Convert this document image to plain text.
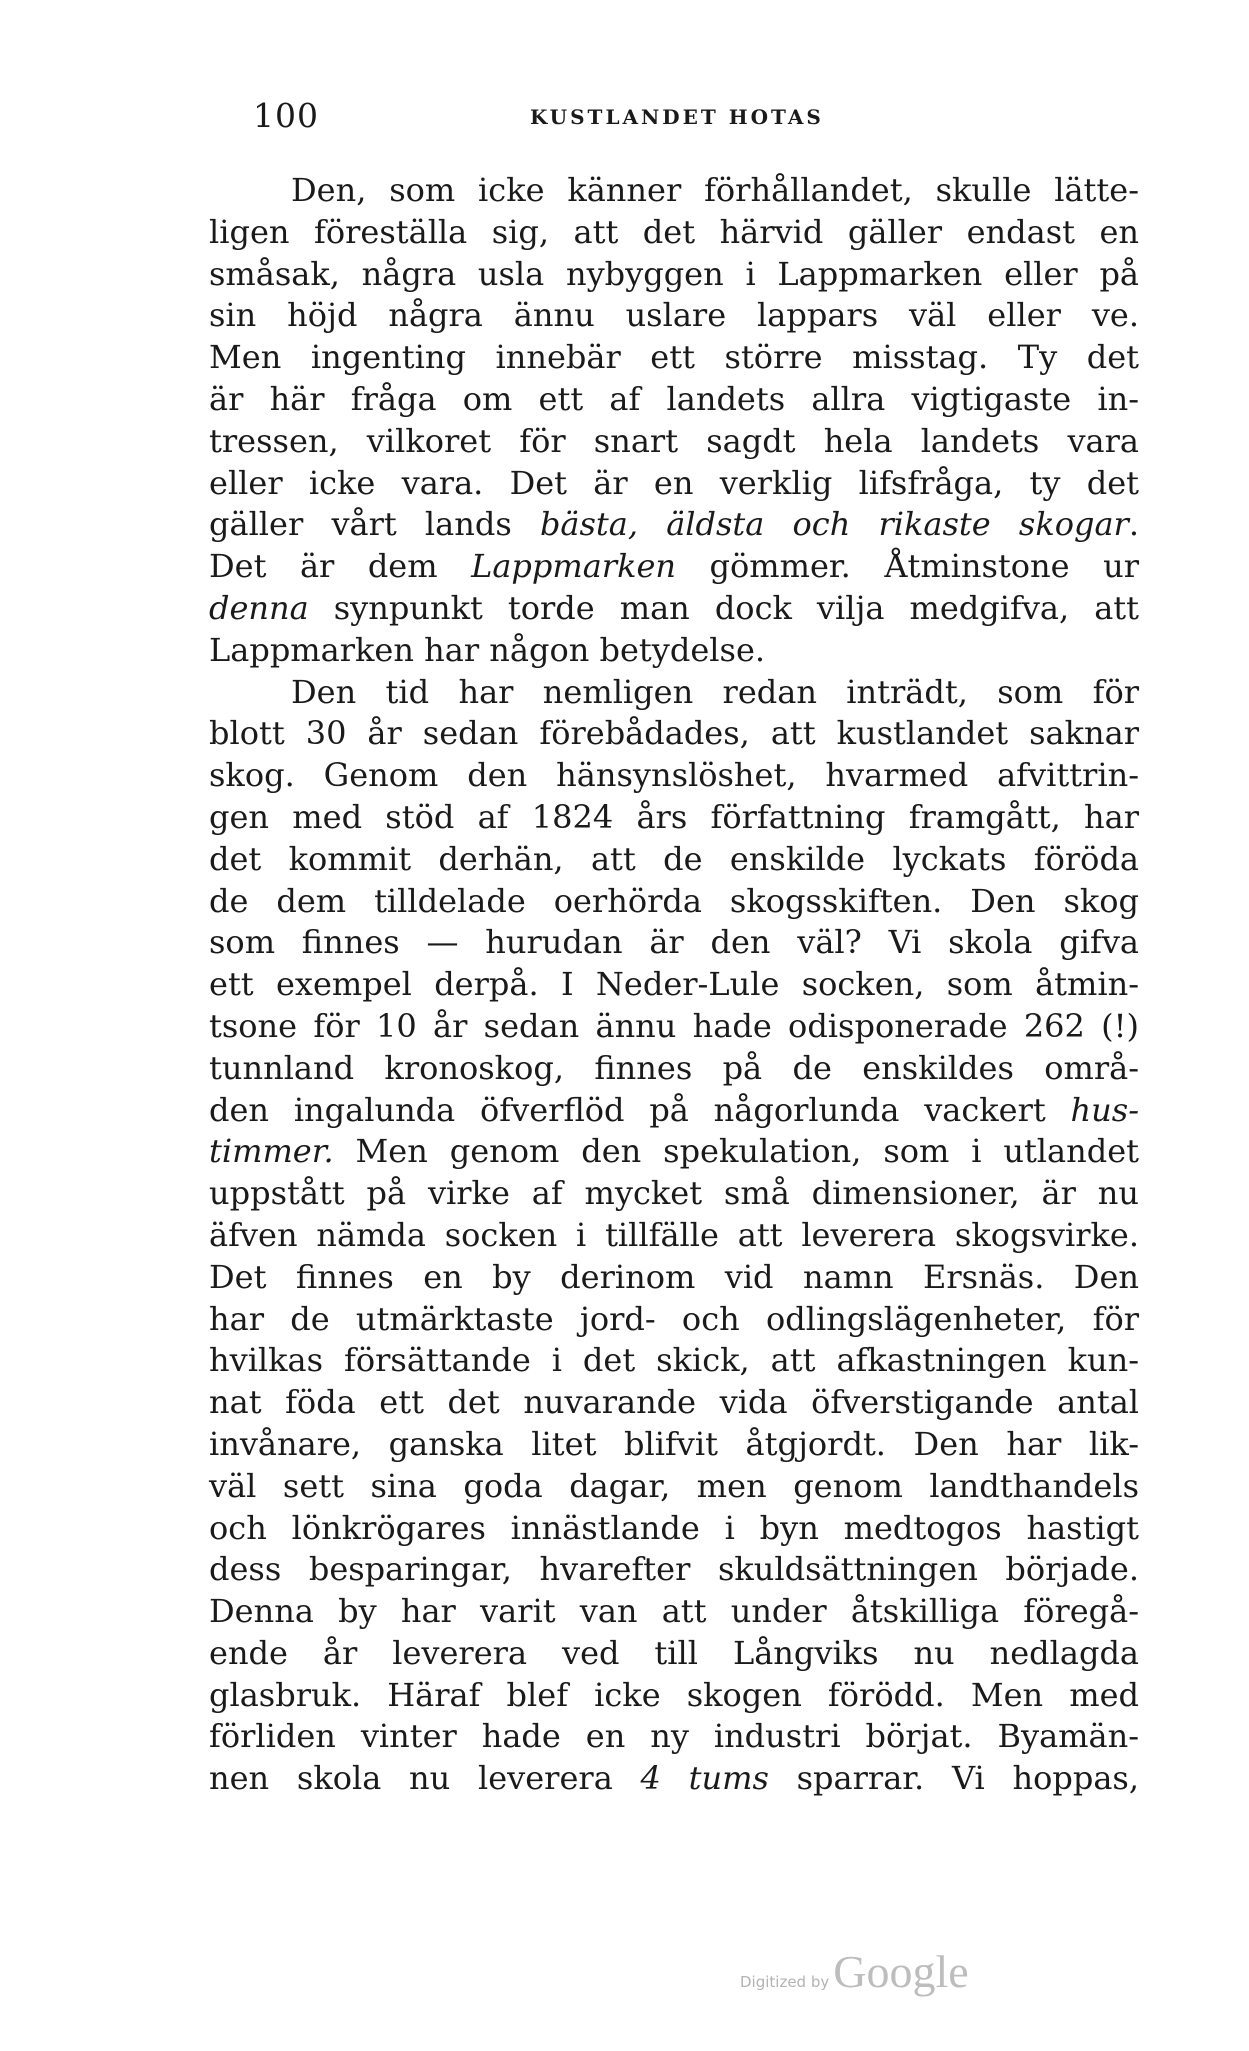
100	KUSTLANDET HOTAS
Den, som icke känner förhållandet, skulle lätte-
ligen föreställa sig, att det härvid gäller endast en
småsak, några usla nybyggen i Lappmarken eller på
sin höjd några ännu uslare lappars väl eller ve.
Men ingenting innebär ett större misstag. Ty det
är här fråga om ett af landets allra vigtigaste in-
tressen, vilkoret för snart sagdt hela landets vara
eller icke vara. Det är en verklig lifsfråga, ty det
gäller vårt lands bästa, äldsta och rikaste skogar.
Det är dem Lappmarken gömmer. Åtminstone ur
denna synpunkt torde man dock vilja medgifva, att
Lappmarken har någon betydelse.
Den tid har nemligen redan inträdt, som för
blott 30 år sedan förebådades, att kustlandet saknar
skog. Genom den hänsynslöshet, hvarmed afvittrin-
gen med stöd af 1824 års författning framgått, har
det kommit derhän, att de enskilde lyckats föröda
de dem tilldelade oerhörda skogsskiften. Den skog
som finnes — hurudan är den väl? Vi skola gifva
ett exempel derpå. I Neder-Lule socken, som åtmin-
tsone för 10 år sedan ännu hade odisponerade 262 (!)
tunnland kronoskog, finnes på de enskildes områ-
den ingalunda öfverflöd på någorlunda vackert hus-
timmer. Men genom den spekulation, som i utlandet
uppstått på virke af mycket små dimensioner, är nu
äfven nämda socken i tillfälle att leverera skogsvirke.
Det finnes en by derinom vid namn Ersnäs. Den
har de utmärktaste jord- och odlingslägenheter, för
hvilkas försättande i det skick, att afkastningen kun-
nat föda ett det nuvarande vida öfverstigande antal
invånare, ganska litet blifvit åtgjordt. Den har lik-
väl sett sina goda dagar, men genom landthandels
och lönkrögares innästlande i byn medtogos hastigt
dess besparingar, hvarefter skuldsättningen började.
Denna by har varit van att under åtskilliga föregå-
ende år leverera ved till Långviks nu nedlagda
glasbruk. Häraf blef icke skogen förödd. Men med
förliden vinter hade en ny industri börjat. Byamän-
nen skola nu leverera 4 tums sparrar. Vi hoppas,
Digitized by Google
